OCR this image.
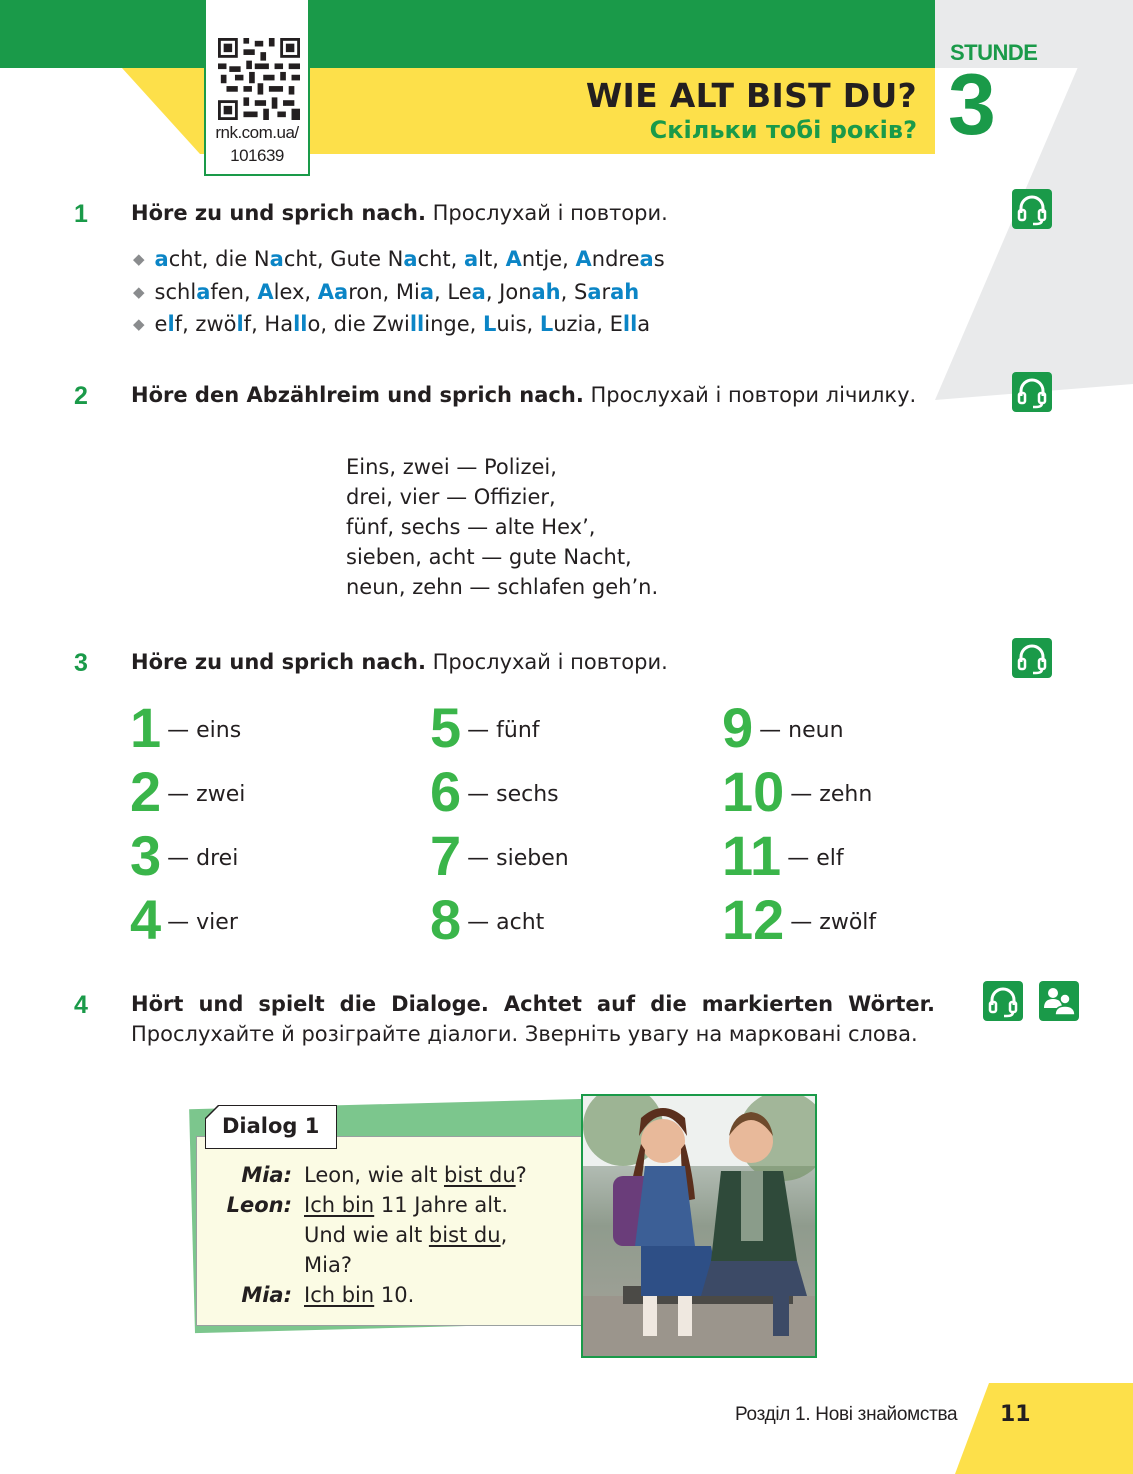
rnk.com.ua/
101639
WIE ALT BIST DU?
Скільки тобі років?
STUNDE
3
1 Höre zu und sprich nach. Прослухай і повтори.
◆ acht, die Nacht, Gute Nacht, alt, Antje, Andreas
◆ schlafen, Alex, Aaron, Mia, Lea, Jonah, Sarah
◆ elf, zwölf, Hallo, die Zwillinge, Luis, Luzia, Ella
2 Höre den Abzählreim und sprich nach. Прослухай і повтори лічилку.
Eins, zwei — Polizei,
drei, vier — Offizier,
fünf, sechs — alte Hex’,
sieben, acht — gute Nacht,
neun, zehn — schlafen geh’n.
3 Höre zu und sprich nach. Прослухай і повтори.
1 — eins
2 — zwei
3 — drei
4 — vier
5 — fünf
6 — sechs
7 — sieben
8 — acht
9 — neun
10 — zehn
11 — elf
12 — zwölf
4 Hört und spielt die Dialoge. Achtet auf die markierten Wörter. Прослухайте й розіграйте діалоги. Зверніть увагу на марковані слова.
Dialog 1
Mia: Leon, wie alt bist du?
Leon: Ich bin 11 Jahre alt.
Und wie alt bist du,
Mia?
Mia: Ich bin 10.
Розділ 1. Нові знайомства 11
